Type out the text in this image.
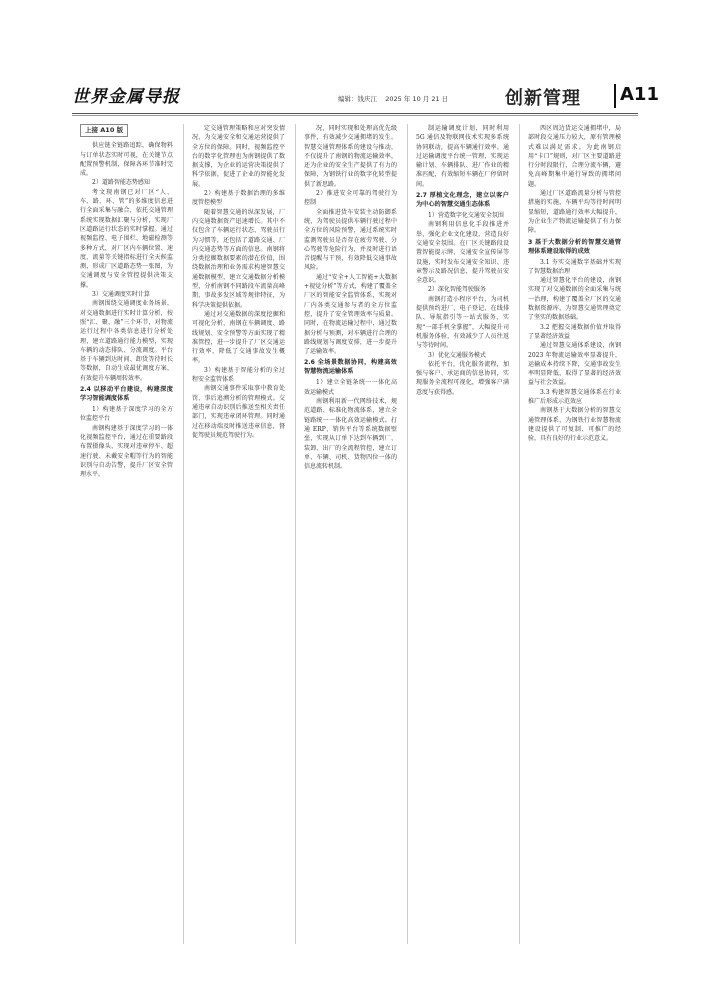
世界金属导报	编辑：钱庆江 2025 年 10 月 21 日	创新管理 A11
上接 A10 版

供应链全链路追踪，确保物料与订单状态实时可视，在关键节点配置预警机制，保障各环节准时完成。

2）道路智能态势感知

考文现南钢已对厂区“人、车、路、环、管”的多维度信息进行全面采集与融合，依托交通管理系统实现数据汇聚与分析，实现厂区道路运行状态的实时掌握。通过视频监控、电子围栏、地磁检测等多种方式，对厂区内车辆位置、速度、流量等关键指标进行全天候监测，形成厂区道路态势一张图，为交通调度与安全管控提供决策支撑。

3）交通调度实时计算

南钢围绕交通调度业务场景，对交通数据进行实时计算分析，按照“汇、聚、融”三个环节，对物流运行过程中各类信息进行分析处理，建立道路通行能力模型，实现车辆的动态排队、分流调度。平台基于车辆到达时间、卸货等待时长等数据，自动生成最优调度方案，有效提升车辆周转效率。

2.4 以移动平台建设，构建深度学习智能调度体系

1）构建基于深度学习的全方位监控平台

南钢构建基于深度学习的一体化视频监控平台，通过在重要路段布置摄像头，实现对违章停车、超速行驶、未戴安全帽等行为的智能识别与自动告警，提升厂区安全管理水平。

定交通管理策略和应对突发情况，为交通安全和交通运营提供了全方位的保障。同时，视频监控平台的数字化管理也为南钢提供了数据支撑，为企业的运营决策提供了科学依据，促进了企业的智能化发展。

2）构建基于数据治理的多维度管控模型

随着智慧交通的纵深发展，厂内交通数据资产迅速增长。其中不仅包含了车辆运行状态、驾驶员行为习惯等，还包括了道路交通、厂内交通态势等方面的信息。南钢将分类挖掘数据要素的潜在价值，围绕数据治理和业务需求构建智慧交通数据模型，建立交通数据分析模型，分析南钢不同路段车流量高峰期、事故多发区域等规律特征，为科学决策提供依据。

通过对交通数据的深度挖掘和可视化分析，南钢在车辆调度、路线规划、安全预警等方面实现了精准管控，进一步提升了厂区交通运行效率，降低了交通事故发生概率。

3）构建基于智能分析的全过程安全监管体系

南钢交通事件采取事中教育处罚、事后追溯分析的管理模式。交通违章自动识别后推送至相关责任部门，实现违章闭环管理。同时通过在移动端及时推送违章信息，督促驾驶员规范驾驶行为。

况，同时实现和处理高优先级事件，有效减少交通拥堵的发生。智慧交通管理体系的建设与推动，不仅提升了南钢的物流运输效率，还为企业的安全生产提供了有力的保障，为钢铁行业的数字化转型提供了新思路。

2）推进安全可靠的驾驶行为控制

全面推进货车安装主动防御系统，为驾驶员提供车辆行驶过程中全方位的风险预警，通过系统实时监测驾驶员是否存在疲劳驾驶、分心驾驶等危险行为，并及时进行语音提醒与干预，有效降低交通事故风险。

通过“安全+人工智能+大数据+视觉分析”等方式，构建了覆盖全厂区的智能安全监管体系，实现对厂内各类交通参与者的全方位监控，提升了安全管理效率与质量。同时，在物流运输过程中，通过数据分析与预测，对车辆进行合理的路线规划与调度安排，进一步提升了运输效率。

2.6 全场景数据协同，构建高效智慧物流运输体系

1）建立全链条统一一体化高效运输模式

南钢利用新一代网络技术，规范道路、标准化物流体系，建立全链路统一一体化高效运输模式。打通 ERP、销售平台等系统数据壁垒，实现从订单下达到车辆到厂、装卸、出厂的全流程管控，建立订单、车辆、司机、货物四位一体的信息流转机制。

制运输调度计划，同时利用 5G 通信及物联网技术实现多系统协同联动，提高车辆通行效率。通过运输调度平台统一管理，实现运输计划、车辆排队、进厂作业的精准匹配，有效缩短车辆在厂停留时间。

2.7 厚植文化理念，建立以客户为中心的智慧交通生态体系

1）营造数字化交通安全氛围

南钢利用信息化手段推进并举，强化企业文化建设，营造良好交通安全氛围。在厂区关键路段设置智能提示牌、交通安全宣传屏等设施，实时发布交通安全知识、违章警示及路况信息，提升驾驶员安全意识。

2）深化智能驾驶服务

南钢打造小程序平台，为司机提供预约进厂、电子登记、在线排队、导航指引等一站式服务，实现“一部手机全掌握”，大幅提升司机服务体验，有效减少了人员往返与等待时间。

3）优化交通服务模式

依托平台，优化服务流程，加强与客户、承运商的信息协同，实现服务全流程可视化，增强客户满意度与获得感。

西区周边货运交通拥堵中，局部时段交通压力较大，原有管理模式难以满足需求。为此南钢启用“卡口”规则，对厂区主要道路进行分时段限行，合理分流车辆，避免高峰期集中通行导致的拥堵问题。

通过厂区道路流量分析与管控措施的实施，车辆平均等待时间明显缩短，道路通行效率大幅提升，为企业生产物流运输提供了有力保障。

3 基于大数据分析的智慧交通管理体系建设取得的成效

3.1 夯实交通数字基础并实现了智慧数据治理

通过智慧化平台的建设，南钢实现了对交通数据的全面采集与统一治理，构建了覆盖全厂区的交通数据资源库，为智慧交通管理奠定了坚实的数据基础。

3.2 把握交通数据价值并取得了显著经济效益

通过智慧交通体系建设，南钢 2023 年物流运输效率显著提升，运输成本持续下降，交通事故发生率明显降低，取得了显著的经济效益与社会效益。

3.3 构建智慧交通体系在行业推广后形成示范效应

南钢基于大数据分析的智慧交通管理体系，为钢铁行业智慧物流建设提供了可复制、可推广的经验，具有良好的行业示范意义。
